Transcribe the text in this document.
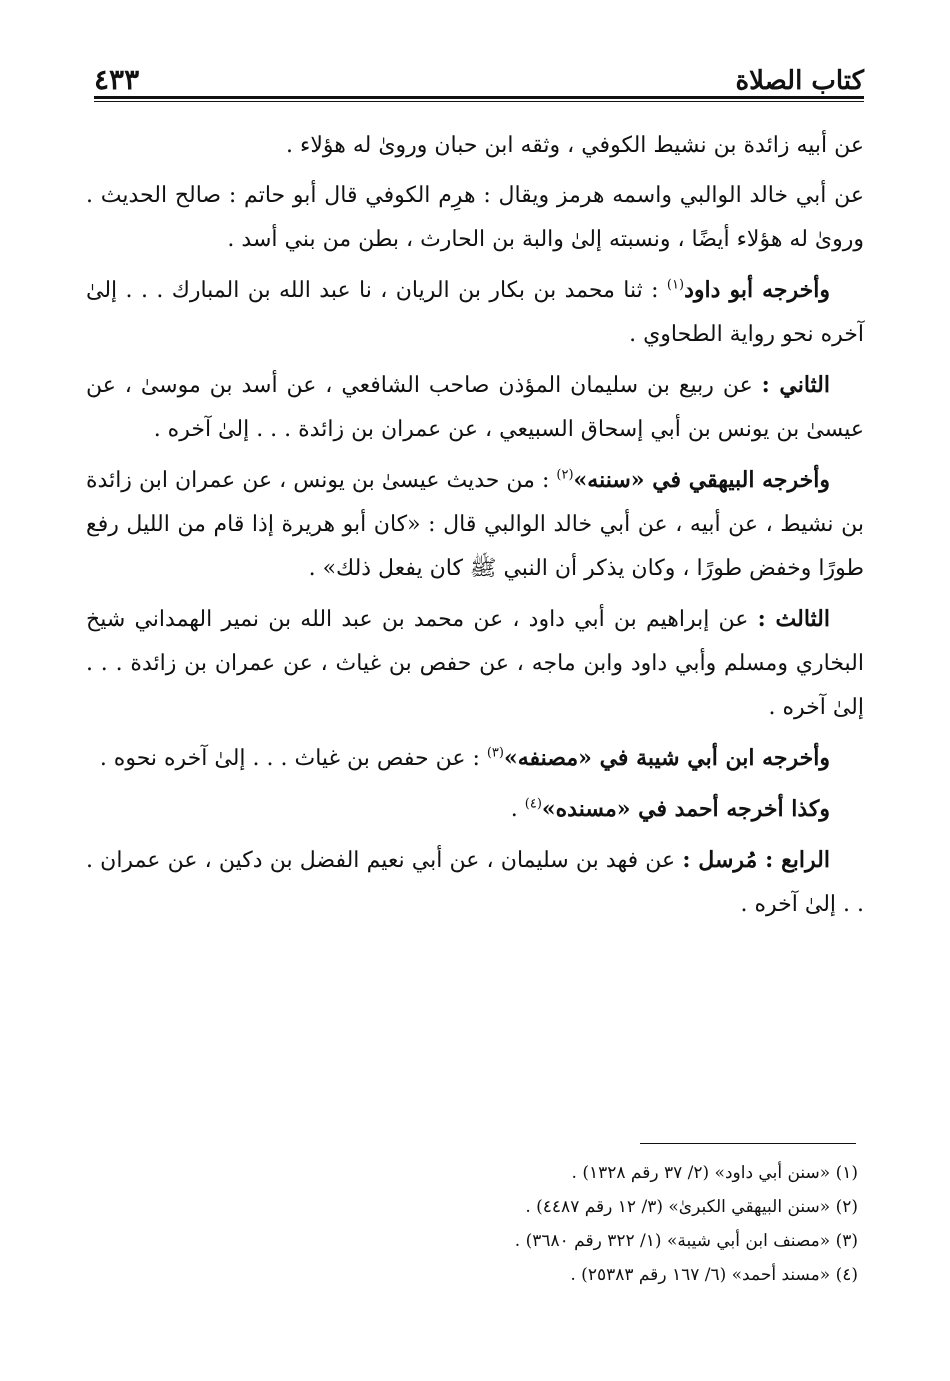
كتاب الصلاة
٤٣٣

عن أبيه زائدة بن نشيط الكوفي ، وثقه ابن حبان وروىٰ له هؤلاء .

عن أبي خالد الوالبي واسمه هرمز ويقال : هرِم الكوفي قال أبو حاتم : صالح الحديث . وروىٰ له هؤلاء أيضًا ، ونسبته إلىٰ والبة بن الحارث ، بطن من بني أسد .

وأخرجه أبو داود$^{(١)}$ : ثنا محمد بن بكار بن الريان ، نا عبد الله بن المبارك . . . إلىٰ آخره نحو رواية الطحاوي .

الثاني : عن ربيع بن سليمان المؤذن صاحب الشافعي ، عن أسد بن موسىٰ ، عن عيسىٰ بن يونس بن أبي إسحاق السبيعي ، عن عمران بن زائدة . . . إلىٰ آخره .

وأخرجه البيهقي في «سننه»$^{(٢)}$ : من حديث عيسىٰ بن يونس ، عن عمران ابن زائدة بن نشيط ، عن أبيه ، عن أبي خالد الوالبي قال : «كان أبو هريرة إذا قام من الليل رفع طورًا وخفض طورًا ، وكان يذكر أن النبي ﷺ كان يفعل ذلك» .

الثالث : عن إبراهيم بن أبي داود ، عن محمد بن عبد الله بن نمير الهمداني شيخ البخاري ومسلم وأبي داود وابن ماجه ، عن حفص بن غياث ، عن عمران بن زائدة . . . إلىٰ آخره .

وأخرجه ابن أبي شيبة في «مصنفه»$^{(٣)}$ : عن حفص بن غياث . . . إلىٰ آخره نحوه .

وكذا أخرجه أحمد في «مسنده»$^{(٤)}$ .

الرابع : مُرسل : عن فهد بن سليمان ، عن أبي نعيم الفضل بن دكين ، عن عمران . . . إلىٰ آخره .

(١) «سنن أبي داود» (٢/ ٣٧ رقم ١٣٢٨) .
(٢) «سنن البيهقي الكبرىٰ» (٣/ ١٢ رقم ٤٤٨٧) .
(٣) «مصنف ابن أبي شيبة» (١/ ٣٢٢ رقم ٣٦٨٠) .
(٤) «مسند أحمد» (٦/ ١٦٧ رقم ٢٥٣٨٣) .
